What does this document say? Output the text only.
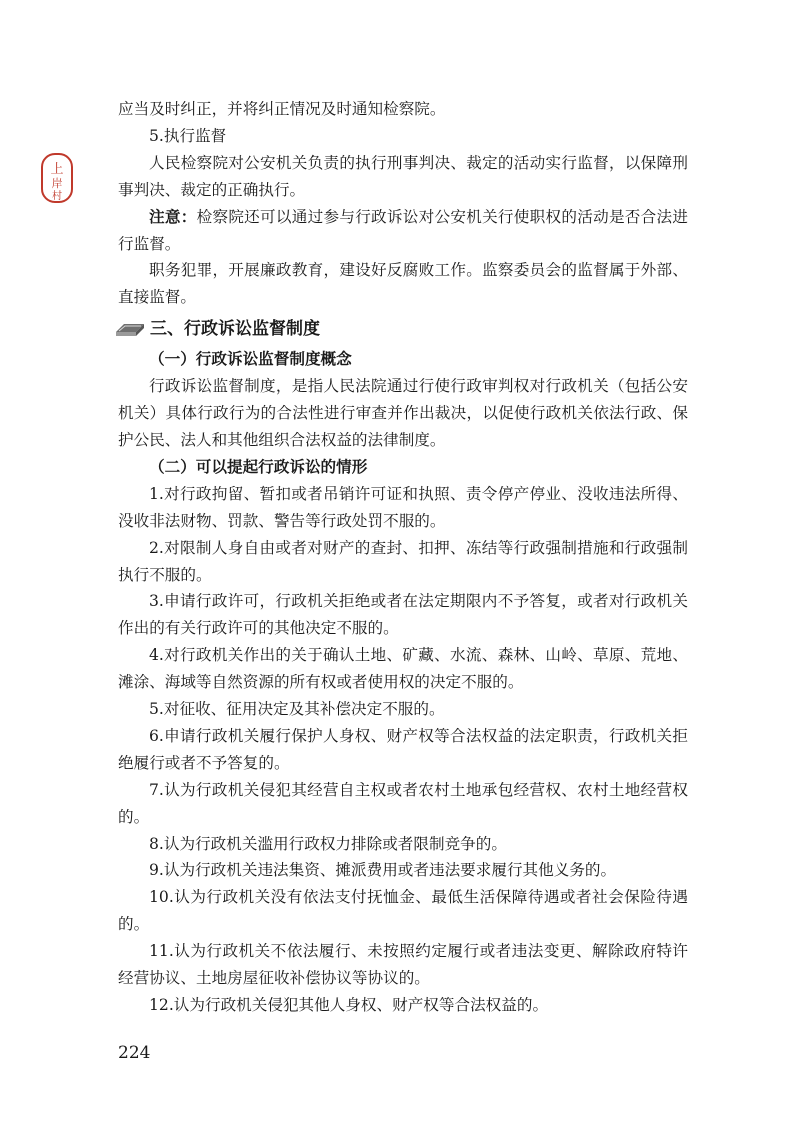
上
岸
村

应当及时纠正，并将纠正情况及时通知检察院。

5.执行监督

人民检察院对公安机关负责的执行刑事判决、裁定的活动实行监督，以保障刑事判决、裁定的正确执行。

注意：检察院还可以通过参与行政诉讼对公安机关行使职权的活动是否合法进行监督。

职务犯罪，开展廉政教育，建设好反腐败工作。监察委员会的监督属于外部、直接监督。

三、行政诉讼监督制度

（一）行政诉讼监督制度概念

行政诉讼监督制度，是指人民法院通过行使行政审判权对行政机关（包括公安机关）具体行政行为的合法性进行审查并作出裁决，以促使行政机关依法行政、保护公民、法人和其他组织合法权益的法律制度。

（二）可以提起行政诉讼的情形

1.对行政拘留、暂扣或者吊销许可证和执照、责令停产停业、没收违法所得、没收非法财物、罚款、警告等行政处罚不服的。

2.对限制人身自由或者对财产的查封、扣押、冻结等行政强制措施和行政强制执行不服的。

3.申请行政许可，行政机关拒绝或者在法定期限内不予答复，或者对行政机关作出的有关行政许可的其他决定不服的。

4.对行政机关作出的关于确认土地、矿藏、水流、森林、山岭、草原、荒地、滩涂、海域等自然资源的所有权或者使用权的决定不服的。

5.对征收、征用决定及其补偿决定不服的。

6.申请行政机关履行保护人身权、财产权等合法权益的法定职责，行政机关拒绝履行或者不予答复的。

7.认为行政机关侵犯其经营自主权或者农村土地承包经营权、农村土地经营权的。

8.认为行政机关滥用行政权力排除或者限制竞争的。

9.认为行政机关违法集资、摊派费用或者违法要求履行其他义务的。

10.认为行政机关没有依法支付抚恤金、最低生活保障待遇或者社会保险待遇的。

11.认为行政机关不依法履行、未按照约定履行或者违法变更、解除政府特许经营协议、土地房屋征收补偿协议等协议的。

12.认为行政机关侵犯其他人身权、财产权等合法权益的。

224
